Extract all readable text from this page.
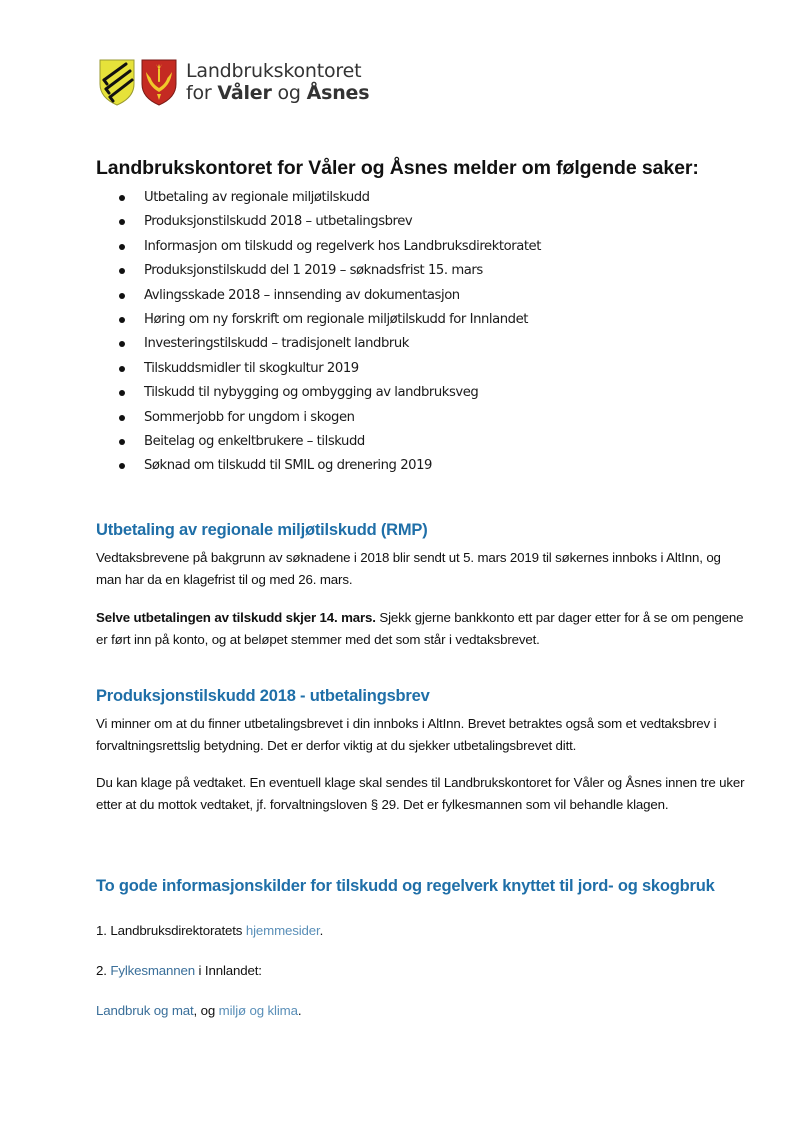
Landbrukskontoret
for Våler og Åsnes
Landbrukskontoret for Våler og Åsnes melder om følgende saker:
Utbetaling av regionale miljøtilskudd
Produksjonstilskudd 2018 – utbetalingsbrev
Informasjon om tilskudd og regelverk hos Landbruksdirektoratet
Produksjonstilskudd del 1 2019 – søknadsfrist 15. mars
Avlingsskade 2018 – innsending av dokumentasjon
Høring om ny forskrift om regionale miljøtilskudd for Innlandet
Investeringstilskudd – tradisjonelt landbruk
Tilskuddsmidler til skogkultur 2019
Tilskudd til nybygging og ombygging av landbruksveg
Sommerjobb for ungdom i skogen
Beitelag og enkeltbrukere – tilskudd
Søknad om tilskudd til SMIL og drenering 2019
Utbetaling av regionale miljøtilskudd (RMP)

Vedtaksbrevene på bakgrunn av søknadene i 2018 blir sendt ut 5. mars 2019 til søkernes innboks i AltInn, og man har da en klagefrist til og med 26. mars.

Selve utbetalingen av tilskudd skjer 14. mars. Sjekk gjerne bankkonto ett par dager etter for å se om pengene er ført inn på konto, og at beløpet stemmer med det som står i vedtaksbrevet.

Produksjonstilskudd 2018 - utbetalingsbrev

Vi minner om at du finner utbetalingsbrevet i din innboks i AltInn. Brevet betraktes også som et vedtaksbrev i forvaltningsrettslig betydning. Det er derfor viktig at du sjekker utbetalingsbrevet ditt.

Du kan klage på vedtaket. En eventuell klage skal sendes til Landbrukskontoret for Våler og Åsnes innen tre uker etter at du mottok vedtaket, jf. forvaltningsloven § 29. Det er fylkesmannen som vil behandle klagen.

To gode informasjonskilder for tilskudd og regelverk knyttet til jord- og skogbruk

1. Landbruksdirektoratets hjemmesider.

2. Fylkesmannen i Innlandet:

Landbruk og mat, og miljø og klima.
